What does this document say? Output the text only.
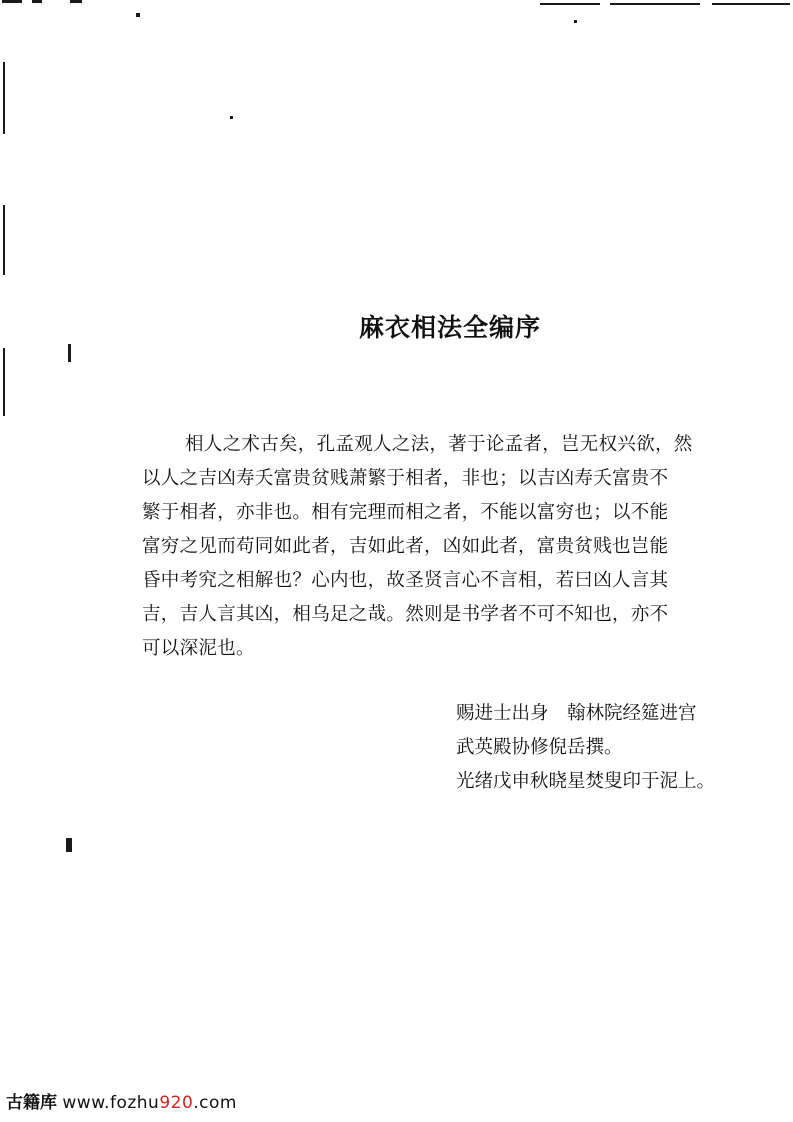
麻衣相法全编序
相人之术古矣，孔孟观人之法，著于论孟者，岂无权兴欲，然
以人之吉凶寿夭富贵贫贱萧繁于相者，非也；以吉凶寿夭富贵不
繁于相者，亦非也。相有完理而相之者，不能以富穷也；以不能
富穷之见而苟同如此者，吉如此者，凶如此者，富贵贫贱也岂能
昏中考究之相解也？心内也，故圣贤言心不言相，若曰凶人言其
吉，吉人言其凶，相乌足之哉。然则是书学者不可不知也，亦不
可以深泥也。
赐进士出身　翰林院经筵进宫
武英殿协修倪岳撰。
光绪戊申秋晓星焚叟印于泥上。
古籍库 www.fozhu920.com
